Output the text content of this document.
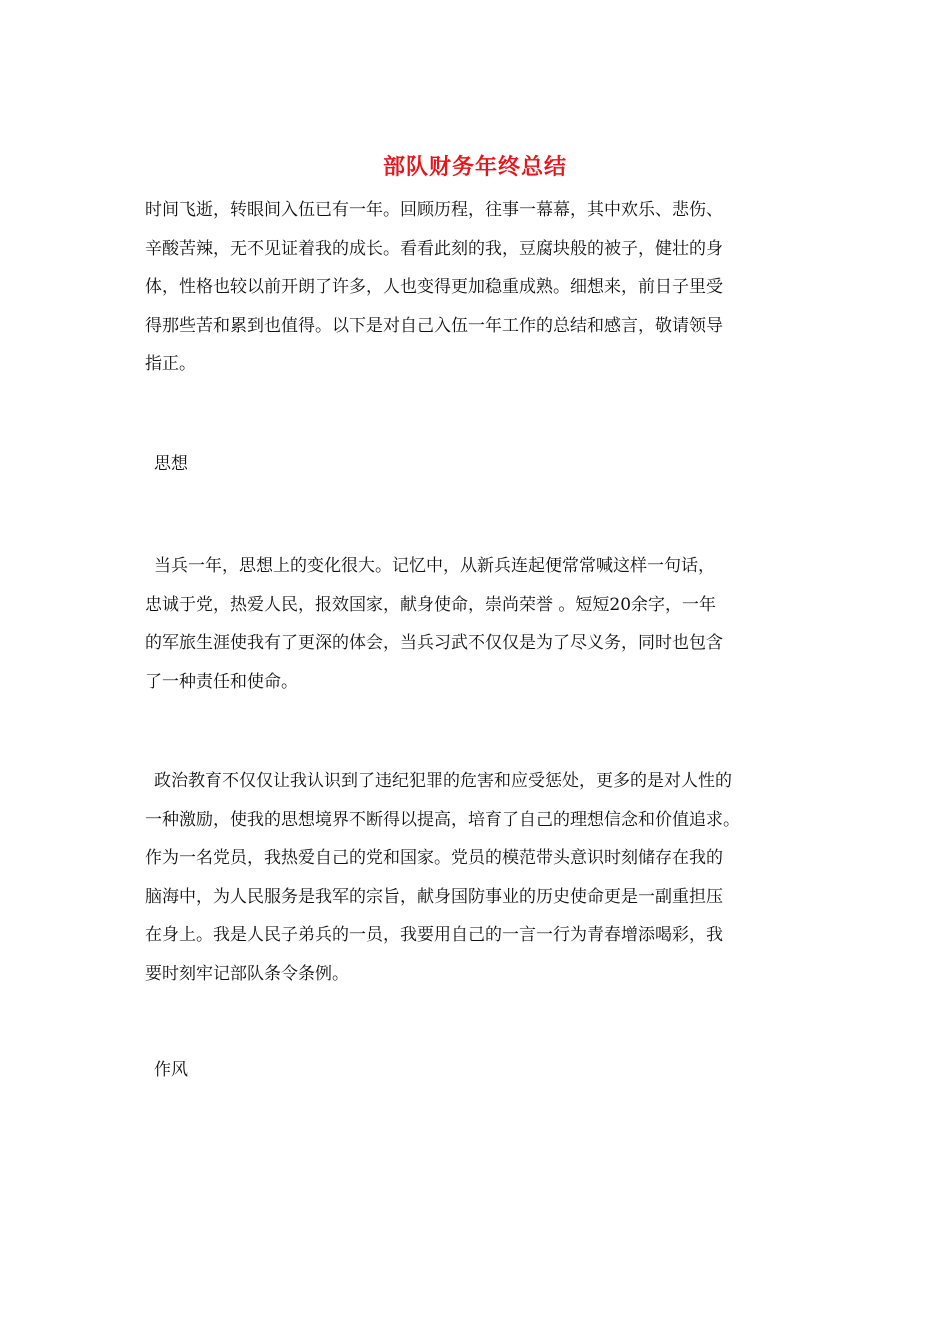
部队财务年终总结
时间飞逝，转眼间入伍已有一年。回顾历程，往事一幕幕，其中欢乐、悲伤、
辛酸苦辣，无不见证着我的成长。看看此刻的我，豆腐块般的被子，健壮的身
体，性格也较以前开朗了许多，人也变得更加稳重成熟。细想来，前日子里受
得那些苦和累到也值得。以下是对自己入伍一年工作的总结和感言，敬请领导
指正。
思想
当兵一年，思想上的变化很大。记忆中，从新兵连起便常常喊这样一句话，
忠诚于党，热爱人民，报效国家，献身使命，崇尚荣誉 。短短20余字，一年
的军旅生涯使我有了更深的体会，当兵习武不仅仅是为了尽义务，同时也包含
了一种责任和使命。
政治教育不仅仅让我认识到了违纪犯罪的危害和应受惩处，更多的是对人性的
一种激励，使我的思想境界不断得以提高，培育了自己的理想信念和价值追求。
作为一名党员，我热爱自己的党和国家。党员的模范带头意识时刻储存在我的
脑海中，为人民服务是我军的宗旨，献身国防事业的历史使命更是一副重担压
在身上。我是人民子弟兵的一员，我要用自己的一言一行为青春增添喝彩，我
要时刻牢记部队条令条例。
作风
